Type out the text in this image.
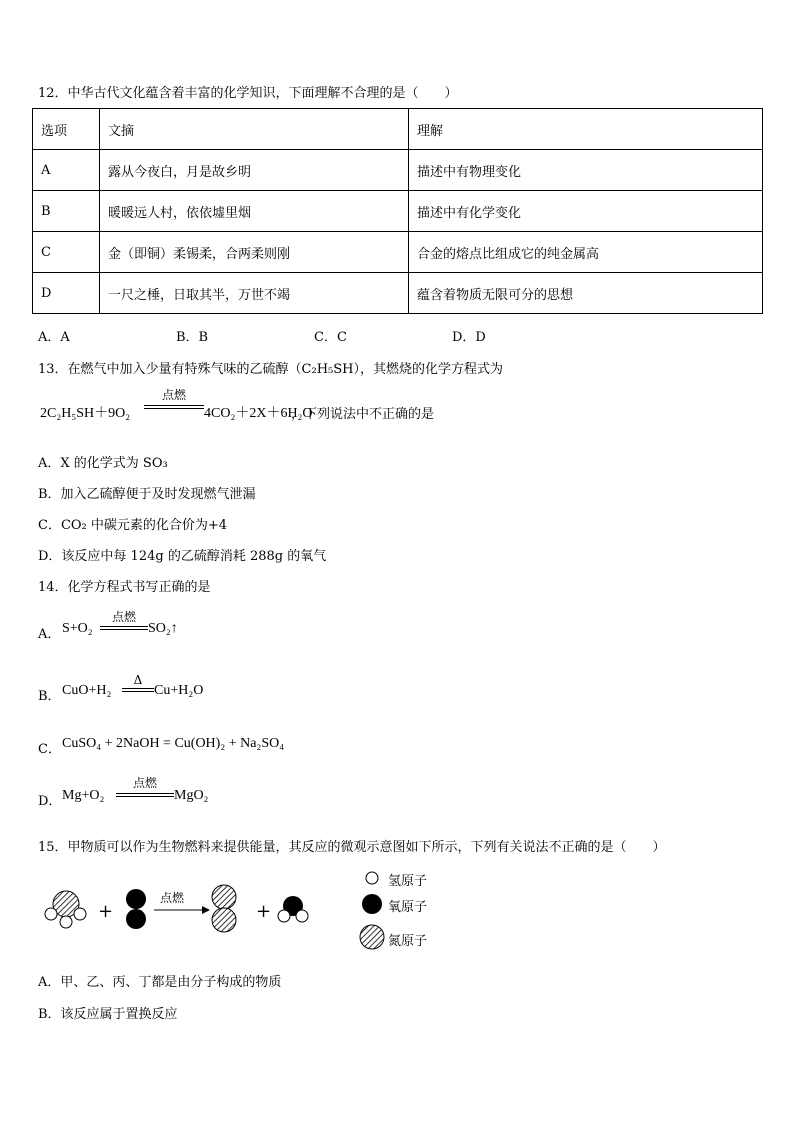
12．中华古代文化蕴含着丰富的化学知识，下面理解不合理的是（　　）
选项	文摘	理解
A	露从今夜白，月是故乡明	描述中有物理变化
B	暖暖远人村，依依墟里烟	描述中有化学变化
C	金（即铜）柔锡柔，合两柔则刚	合金的熔点比组成它的纯金属高
D	一尺之棰，日取其半，万世不竭	蕴含着物质无限可分的思想
A．A	B．B	C．C	D．D
13．在燃气中加入少量有特殊气味的乙硫醇（C₂H₅SH），其燃烧的化学方程式为
2C₂H₅SH＋9O₂
点燃
4CO₂＋2X＋6H₂O
，下列说法中不正确的是
A．X 的化学式为 SO₃
B．加入乙硫醇便于及时发现燃气泄漏
C．CO₂ 中碳元素的化合价为+4
D．该反应中每 124g 的乙硫醇消耗 288g 的氧气
14．化学方程式书写正确的是
A． S+O₂
点燃
SO₂↑
B． CuO+H₂
Δ
Cu+H₂O
C． CuSO₄ + 2NaOH = Cu(OH)₂ + Na₂SO₄
D． Mg+O₂
点燃
MgO₂
15．甲物质可以作为生物燃料来提供能量，其反应的微观示意图如下所示，下列有关说法不正确的是（　　）
+	+
点燃
氢原子
氧原子
氮原子
A．甲、乙、丙、丁都是由分子构成的物质
B．该反应属于置换反应
